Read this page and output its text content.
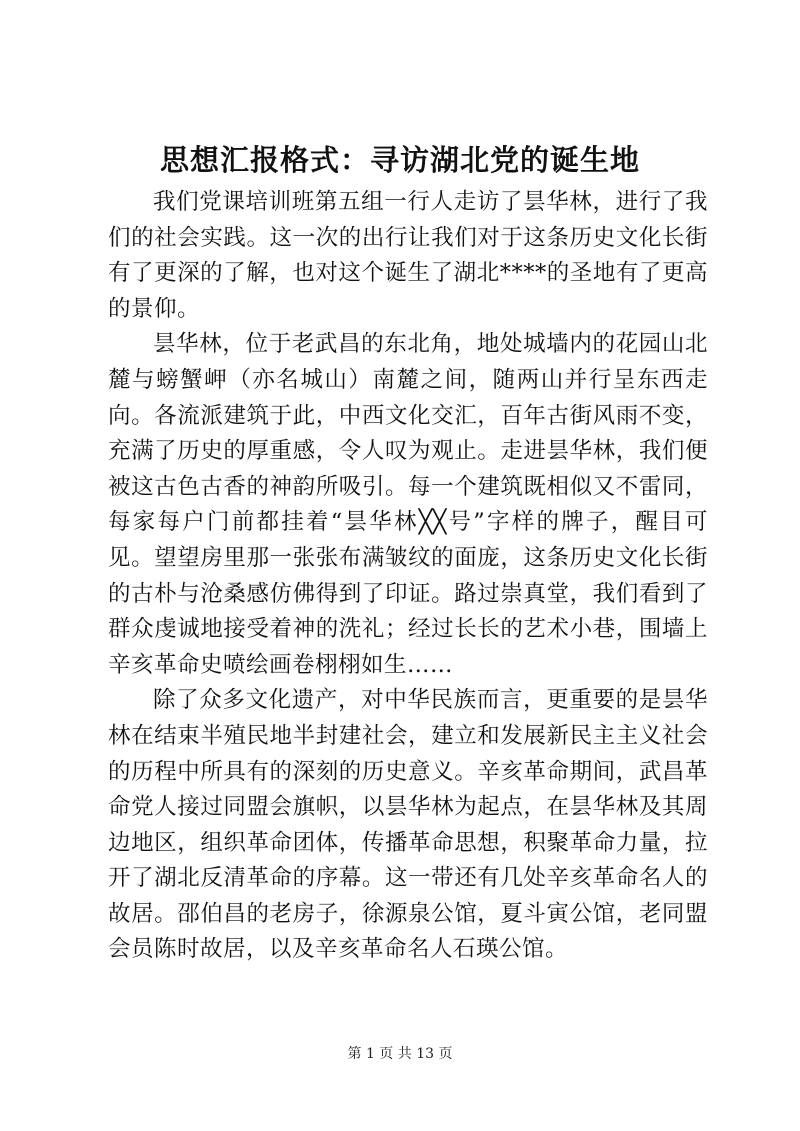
思想汇报格式：寻访湖北党的诞生地

我们党课培训班第五组一行人走访了昙华林，进行了我们的社会实践。这一次的出行让我们对于这条历史文化长街有了更深的了解，也对这个诞生了湖北****的圣地有了更高的景仰。

昙华林，位于老武昌的东北角，地处城墙内的花园山北麓与螃蟹岬（亦名城山）南麓之间，随两山并行呈东西走向。各流派建筑于此，中西文化交汇，百年古街风雨不变，充满了历史的厚重感，令人叹为观止。走进昙华林，我们便被这古色古香的神韵所吸引。每一个建筑既相似又不雷同，每家每户门前都挂着“昙华林╳╳号”字样的牌子，醒目可见。望望房里那一张张布满皱纹的面庞，这条历史文化长街的古朴与沧桑感仿佛得到了印证。路过崇真堂，我们看到了群众虔诚地接受着神的洗礼；经过长长的艺术小巷，围墙上辛亥革命史喷绘画卷栩栩如生……

除了众多文化遗产，对中华民族而言，更重要的是昙华林在结束半殖民地半封建社会，建立和发展新民主主义社会的历程中所具有的深刻的历史意义。辛亥革命期间，武昌革命党人接过同盟会旗帜，以昙华林为起点，在昙华林及其周边地区，组织革命团体，传播革命思想，积聚革命力量，拉开了湖北反清革命的序幕。这一带还有几处辛亥革命名人的故居。邵伯昌的老房子，徐源泉公馆，夏斗寅公馆，老同盟会员陈时故居，以及辛亥革命名人石瑛公馆。

第 1 页 共 13 页
